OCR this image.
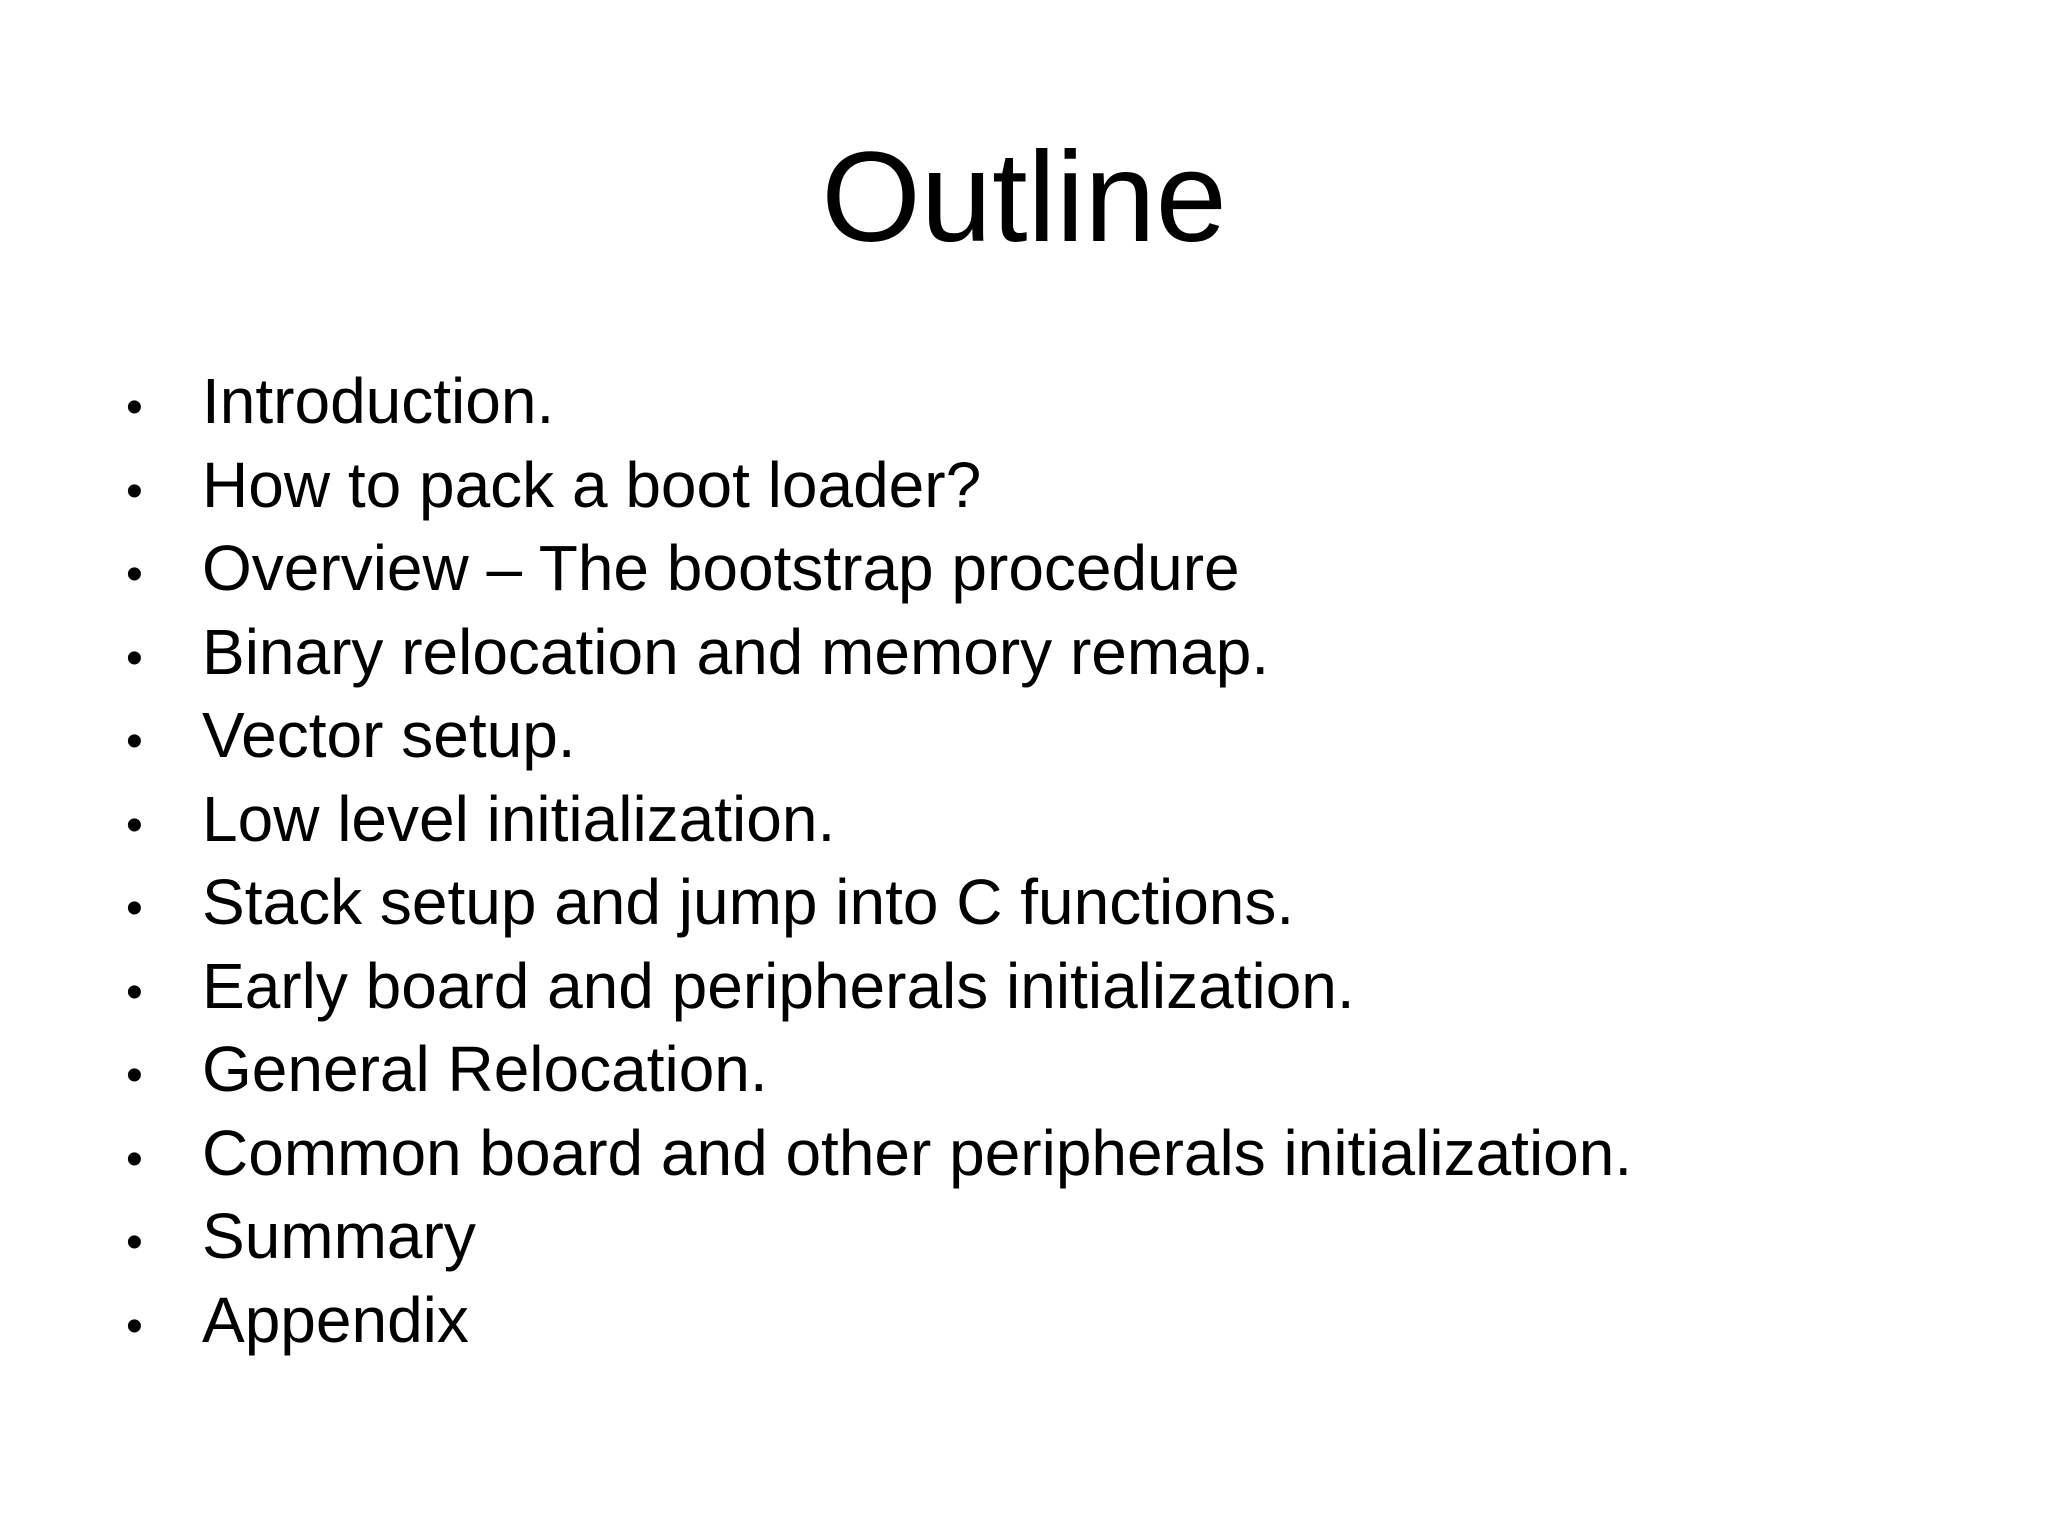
Outline
• Introduction.
• How to pack a boot loader?
• Overview – The bootstrap procedure
• Binary relocation and memory remap.
• Vector setup.
• Low level initialization.
• Stack setup and jump into C functions.
• Early board and peripherals initialization.
• General Relocation.
• Common board and other peripherals initialization.
• Summary
• Appendix
